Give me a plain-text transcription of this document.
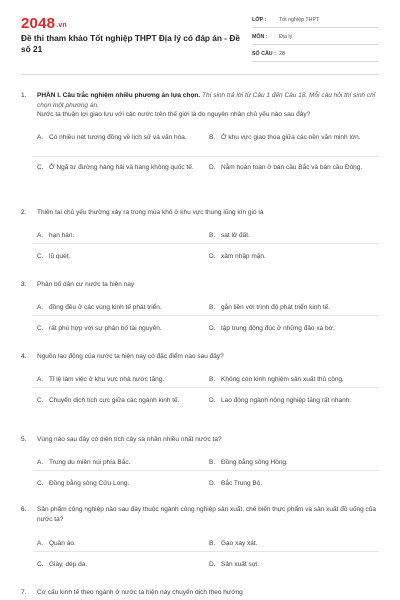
2048.vn
Đề thi tham khảo Tốt nghiệp THPT Địa lý có đáp án - Đề số 21
LỚP :	Tốt nghiệp THPT
MÔN :	Địa lý
SỐ CÂU : 28
1.	PHẦN I. Câu trắc nghiệm nhiều phương án lựa chọn. Thí sinh trả lời từ Câu 1 đến Câu 18. Mỗi câu hỏi thí sinh chỉ chọn một phương án.
Nước ta thuận lợi giao lưu với các nước trên thế giới là do nguyên nhân chủ yếu nào sau đây?
A. Có nhiều nét tương đồng về lịch sử và văn hóa.	B. Ở khu vực giao thoa giữa các nền văn minh lớn.
C. Ở Ngã tư đường hàng hải và hàng không quốc tế. D. Nằm hoàn toàn ở bán cầu Bắc và bán cầu Đông.
2.	Thiên tai chủ yếu thường xảy ra trong mùa khô ở khu vực thung lũng kín gió là
A. hạn hán.	B. sạt lở đất.
C. lũ quét.	D. xâm nhập mặn.
3.	Phân bố dân cư nước ta hiện nay
A. đồng đều ở các vùng kinh tế phát triển.	B. gắn liền với trình độ phát triển kinh tế.
C. rất phù hợp với sự phân bố tài nguyên.	D. tập trung đông đúc ở những đảo xa bờ.
4.	Nguồn lao động của nước ta hiện nay có đặc điểm nào sau đây?
A. Tỉ lệ làm việc ở khu vực nhà nước tăng.	B. Không còn kinh nghiệm sản xuất thủ công.
C. Chuyển dịch tích cực giữa các ngành kinh tế.	D. Lao động ngành nông nghiệp tăng rất nhanh.
5.	Vùng nào sau đây có diện tích cây sa nhân nhiều nhất nước ta?
A. Trung du miền núi phía Bắc.	B. Đồng bằng sông Hồng.
C. Đồng bằng sông Cửu Long.	D. Bắc Trung Bộ.
6.	Sản phẩm công nghiệp nào sau đây thuộc ngành công nghiệp sản xuất, chế biến thực phẩm và sản xuất đồ uống của nước ta?
A. Quần áo.	B. Gạo xay xát.
C. Giày, dép da.	D. Sản xuất sợi.
7.	Cơ cấu kinh tế theo ngành ở nước ta hiện nay chuyển dịch theo hướng
